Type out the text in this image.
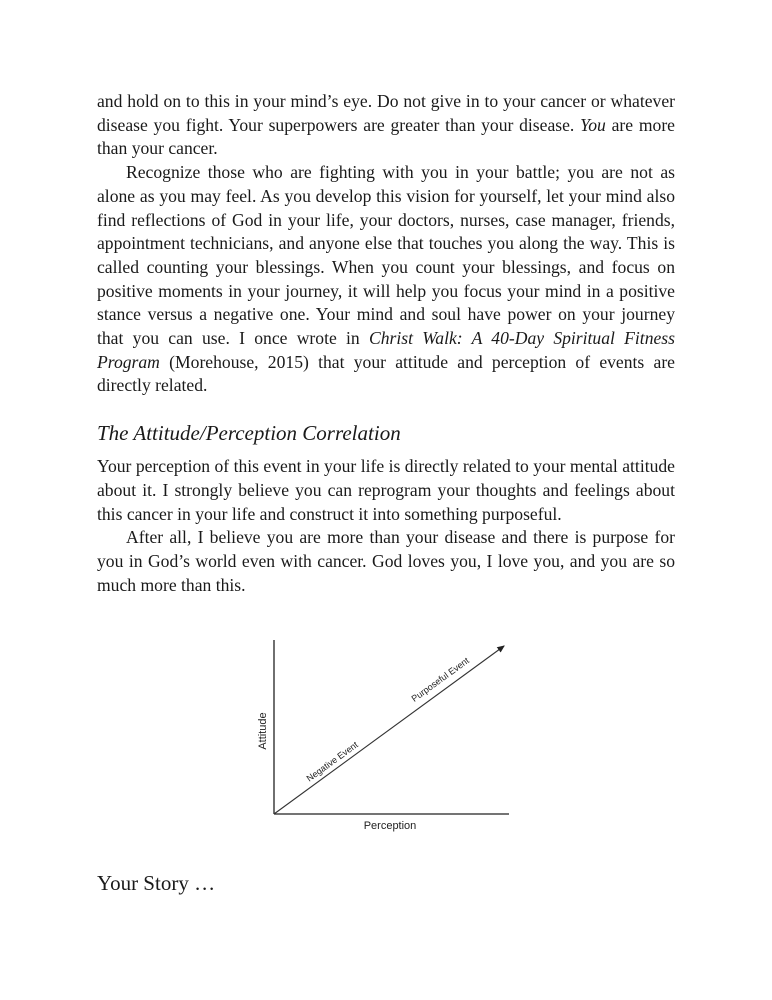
and hold on to this in your mind’s eye. Do not give in to your cancer or whatever disease you fight. Your superpowers are greater than your disease. You are more than your cancer.

Recognize those who are fighting with you in your battle; you are not as alone as you may feel. As you develop this vision for yourself, let your mind also find reflections of God in your life, your doctors, nurses, case manager, friends, appointment technicians, and anyone else that touches you along the way. This is called counting your blessings. When you count your blessings, and focus on positive moments in your journey, it will help you focus your mind in a positive stance versus a negative one. Your mind and soul have power on your journey that you can use. I once wrote in Christ Walk: A 40-Day Spiritual Fitness Program (Morehouse, 2015) that your attitude and perception of events are directly related.

The Attitude/Perception Correlation

Your perception of this event in your life is directly related to your mental attitude about it. I strongly believe you can reprogram your thoughts and feelings about this cancer in your life and construct it into something purposeful.

After all, I believe you are more than your disease and there is purpose for you in God’s world even with cancer. God loves you, I love you, and you are so much more than this.

Perception
Attitude
Negative Event
Purposeful Event
Your Story …
